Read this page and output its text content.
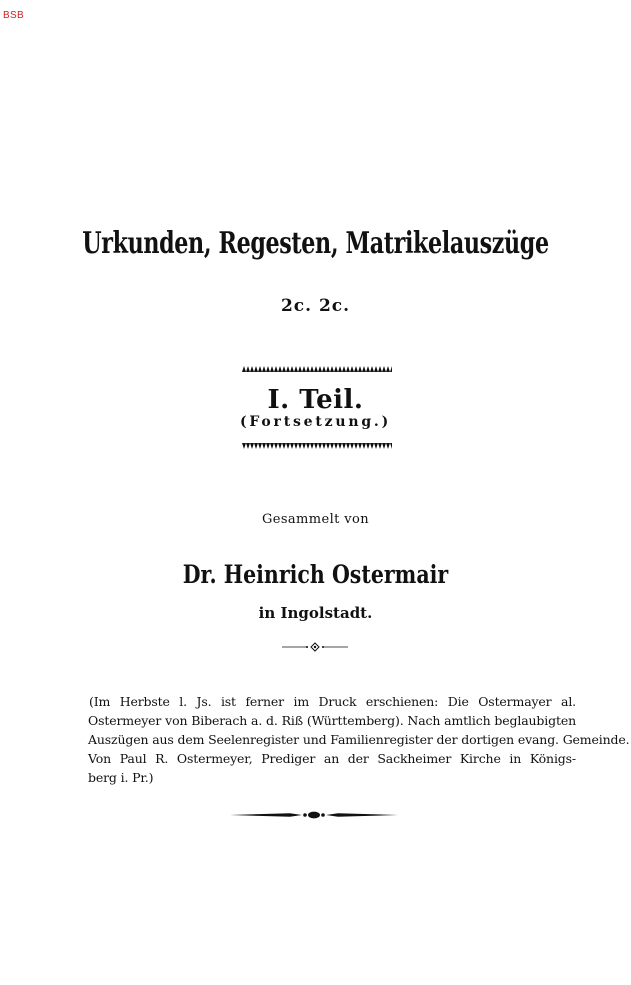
BSB
Urkunden, Regesten, Matrikelauszüge
2c. 2c.
I. Teil.
(Fortsetzung.)
Gesammelt von
Dr. Heinrich Ostermair
in Ingolstadt.
(Im Herbste l. Js. ist ferner im Druck erschienen: Die Ostermayer al.
Ostermeyer von Biberach a. d. Riß (Württemberg). Nach amtlich beglaubigten
Auszügen aus dem Seelenregister und Familienregister der dortigen evang. Gemeinde.
Von Paul R. Ostermeyer, Prediger an der Sackheimer Kirche in Königs-
berg i. Pr.)
